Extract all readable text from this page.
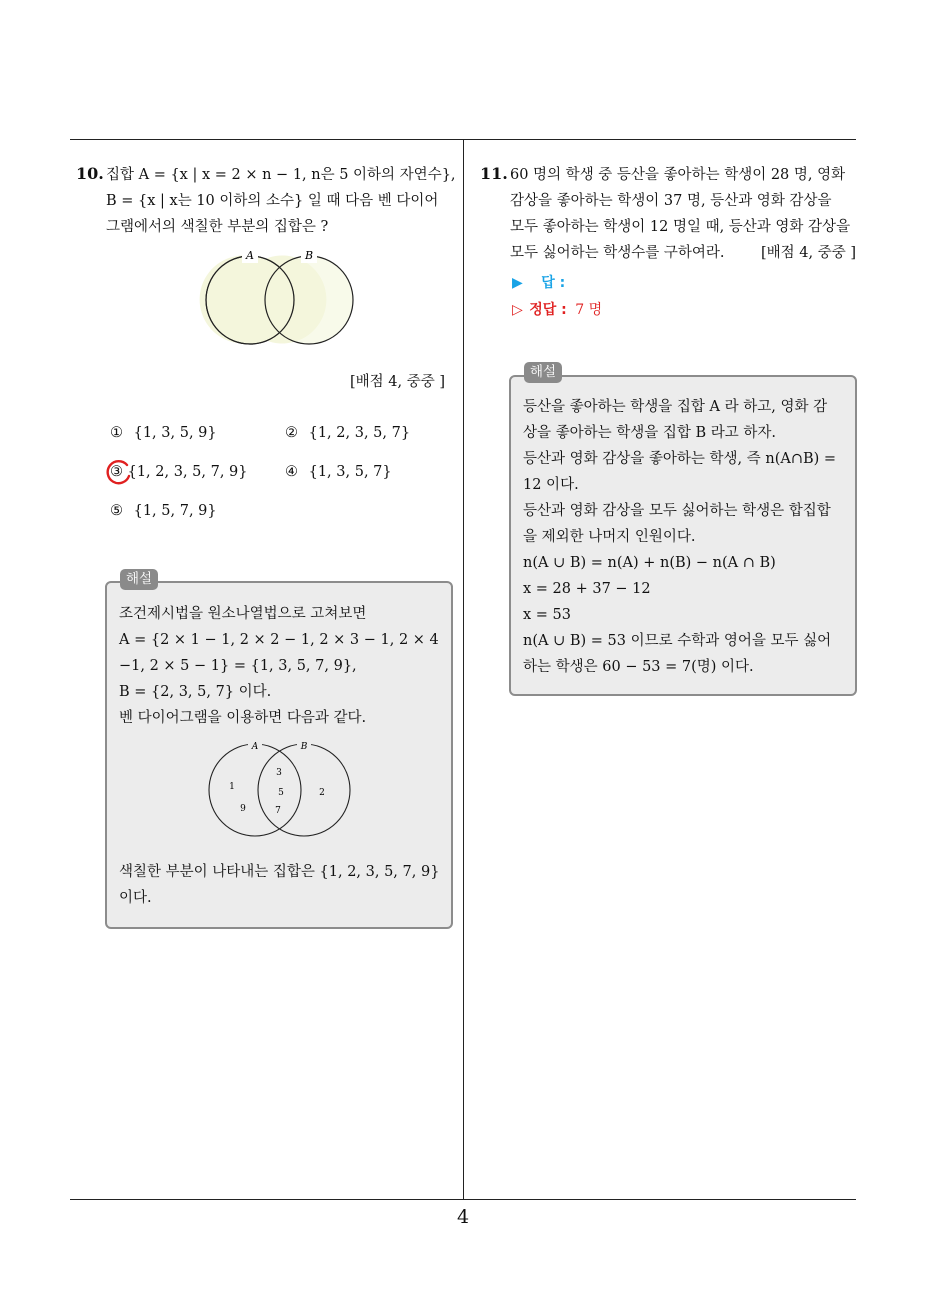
10. 집합 A = {x | x = 2 × n − 1, n은 5 이하의 자연수},
B = {x | x는 10 이하의 소수} 일 때 다음 벤 다이어
그램에서의 색칠한 부분의 집합은 ?
A	B
[배점 4, 중중 ]
① {1, 3, 5, 9}	② {1, 2, 3, 5, 7}
③ {1, 2, 3, 5, 7, 9}	④ {1, 3, 5, 7}
⑤ {1, 5, 7, 9}
해설
조건제시법을 원소나열법으로 고쳐보면
A = {2 × 1 − 1, 2 × 2 − 1, 2 × 3 − 1, 2 × 4
−1, 2 × 5 − 1} = {1, 3, 5, 7, 9},
B = {2, 3, 5, 7} 이다.
벤 다이어그램을 이용하면 다음과 같다.
A	B
1
9
3
5
7
2
색칠한 부분이 나타내는 집합은 {1, 2, 3, 5, 7, 9}
이다.
11. 60 명의 학생 중 등산을 좋아하는 학생이 28 명, 영화
감상을 좋아하는 학생이 37 명, 등산과 영화 감상을
모두 좋아하는 학생이 12 명일 때, 등산과 영화 감상을
모두 싫어하는 학생수를 구하여라.	[배점 4, 중중 ]
▶ 답 :
▷ 정답 : 7 명
해설
등산을 좋아하는 학생을 집합 A 라 하고, 영화 감
상을 좋아하는 학생을 집합 B 라고 하자.
등산과 영화 감상을 좋아하는 학생, 즉 n(A∩B) =
12 이다.
등산과 영화 감상을 모두 싫어하는 학생은 합집합
을 제외한 나머지 인원이다.
n(A ∪ B) = n(A) + n(B) − n(A ∩ B)
x = 28 + 37 − 12
x = 53
n(A ∪ B) = 53 이므로 수학과 영어을 모두 싫어
하는 학생은 60 − 53 = 7(명) 이다.
4
